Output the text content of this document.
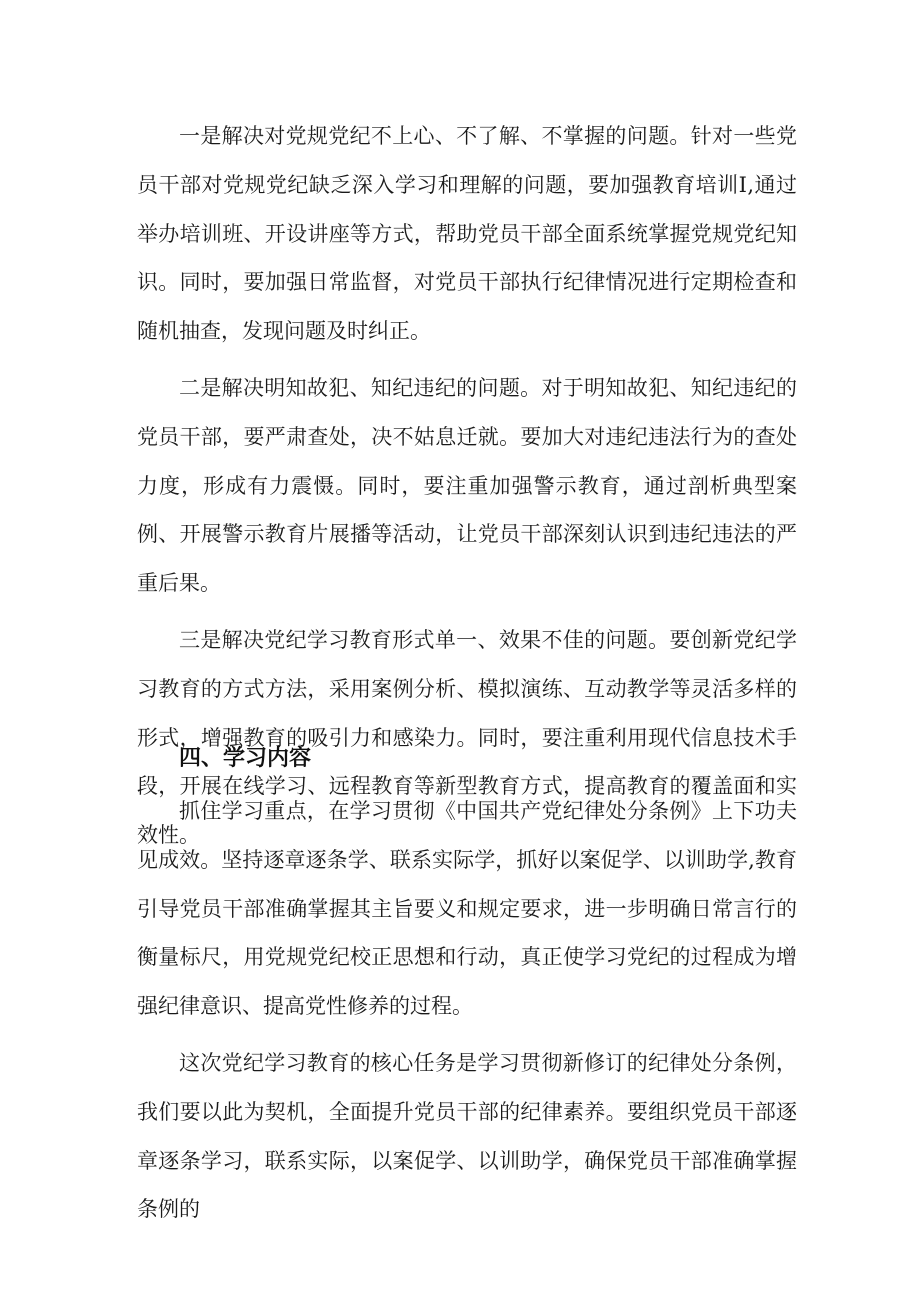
一是解决对党规党纪不上心、不了解、不掌握的问题。针对一些党员干部对党规党纪缺乏深入学习和理解的问题，要加强教育培训Ⅰ,通过举办培训班、开设讲座等方式，帮助党员干部全面系统掌握党规党纪知识。同时，要加强日常监督，对党员干部执行纪律情况进行定期检查和随机抽查，发现问题及时纠正。

二是解决明知故犯、知纪违纪的问题。对于明知故犯、知纪违纪的党员干部，要严肃查处，决不姑息迁就。要加大对违纪违法行为的查处力度，形成有力震慑。同时，要注重加强警示教育，通过剖析典型案例、开展警示教育片展播等活动，让党员干部深刻认识到违纪违法的严重后果。

三是解决党纪学习教育形式单一、效果不佳的问题。要创新党纪学习教育的方式方法，采用案例分析、模拟演练、互动教学等灵活多样的形式，增强教育的吸引力和感染力。同时，要注重利用现代信息技术手段，开展在线学习、远程教育等新型教育方式，提高教育的覆盖面和实效性。

四、学习内容

抓住学习重点，在学习贯彻《中国共产党纪律处分条例》上下功夫见成效。坚持逐章逐条学、联系实际学，抓好以案促学、以训助学,教育引导党员干部准确掌握其主旨要义和规定要求，进一步明确日常言行的衡量标尺，用党规党纪校正思想和行动，真正使学习党纪的过程成为增强纪律意识、提高党性修养的过程。

这次党纪学习教育的核心任务是学习贯彻新修订的纪律处分条例，我们要以此为契机，全面提升党员干部的纪律素养。要组织党员干部逐章逐条学习，联系实际，以案促学、以训助学，确保党员干部准确掌握条例的
